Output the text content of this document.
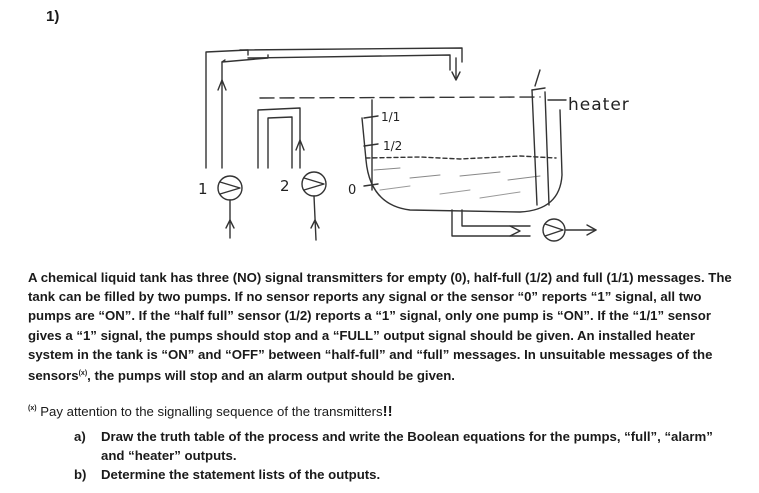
1)
heater
1/1
1/2
0
1	2

A chemical liquid tank has three (NO) signal transmitters for empty (0), half-full (1/2) and full (1/1) messages. The tank can be filled by two pumps. If no sensor reports any signal or the sensor “0” reports “1” signal, all two pumps are “ON”. If the “half full” sensor (1/2) reports a “1” signal, only one pump is “ON”. If the “1/1” sensor gives a “1” signal, the pumps should stop and a “FULL” output signal should be given. An installed heater system in the tank is “ON” and “OFF” between “half-full” and “full” messages. In unsuitable messages of the sensors$^{(x)}$, the pumps will stop and an alarm output should be given.

$^{(x)}$ Pay attention to the signalling sequence of the transmitters!!
a)	Draw the truth table of the process and write the Boolean equations for the pumps, “full”, “alarm” and “heater” outputs.
b)	Determine the statement lists of the outputs.
